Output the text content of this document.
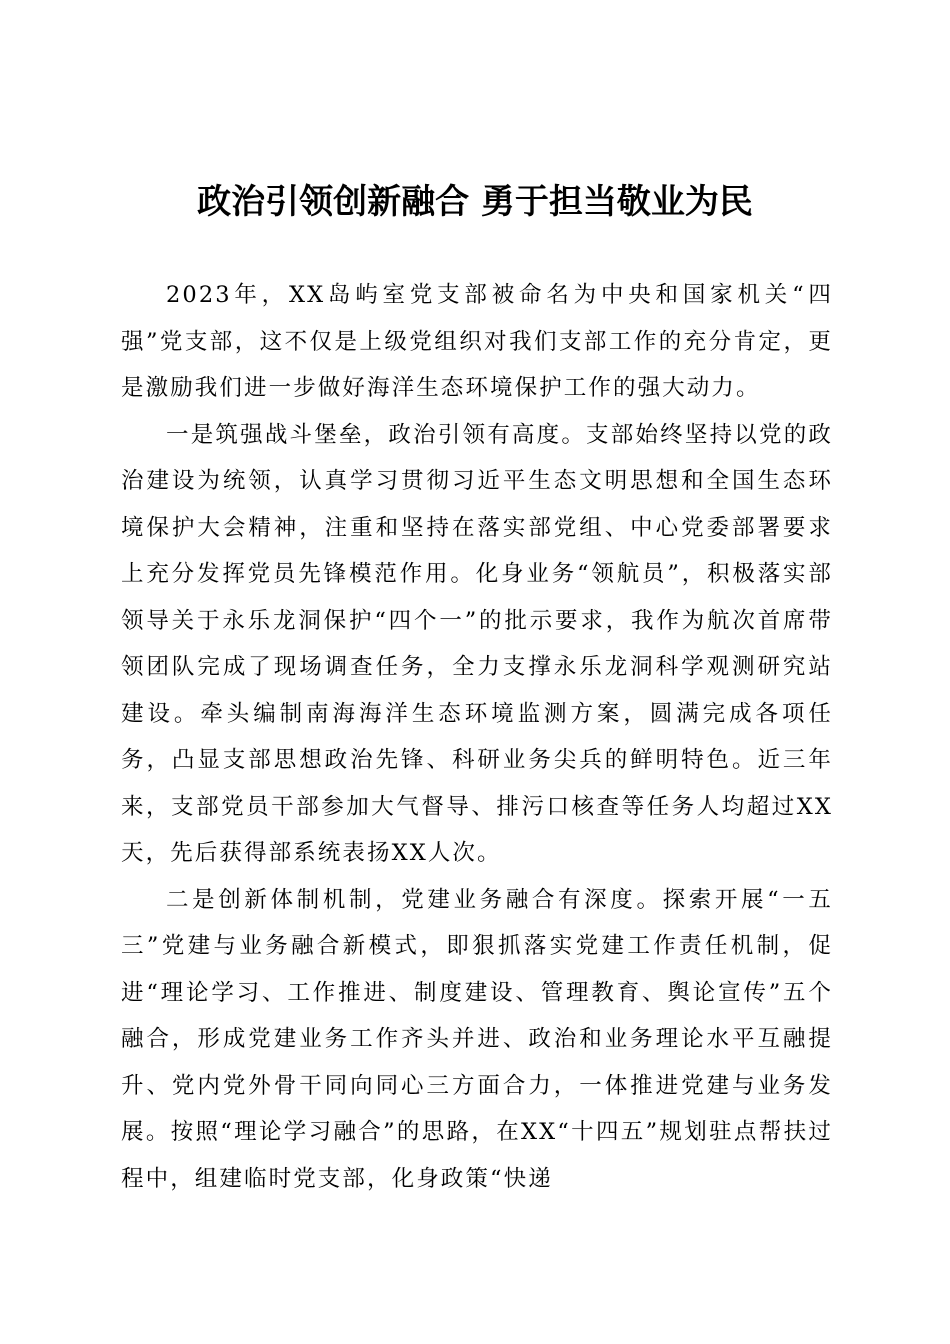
政治引领创新融合 勇于担当敬业为民

2023年，XX岛屿室党支部被命名为中央和国家机关“四强”党支部，这不仅是上级党组织对我们支部工作的充分肯定，更是激励我们进一步做好海洋生态环境保护工作的强大动力。

一是筑强战斗堡垒，政治引领有高度。支部始终坚持以党的政治建设为统领，认真学习贯彻习近平生态文明思想和全国生态环境保护大会精神，注重和坚持在落实部党组、中心党委部署要求上充分发挥党员先锋模范作用。化身业务“领航员”，积极落实部领导关于永乐龙洞保护“四个一”的批示要求，我作为航次首席带领团队完成了现场调查任务，全力支撑永乐龙洞科学观测研究站建设。牵头编制南海海洋生态环境监测方案，圆满完成各项任务，凸显支部思想政治先锋、科研业务尖兵的鲜明特色。近三年来，支部党员干部参加大气督导、排污口核查等任务人均超过XX天，先后获得部系统表扬XX人次。

二是创新体制机制，党建业务融合有深度。探索开展“一五三”党建与业务融合新模式，即狠抓落实党建工作责任机制，促进“理论学习、工作推进、制度建设、管理教育、舆论宣传”五个融合，形成党建业务工作齐头并进、政治和业务理论水平互融提升、党内党外骨干同向同心三方面合力，一体推进党建与业务发展。按照“理论学习融合”的思路，在XX“十四五”规划驻点帮扶过程中，组建临时党支部，化身政策“快递
